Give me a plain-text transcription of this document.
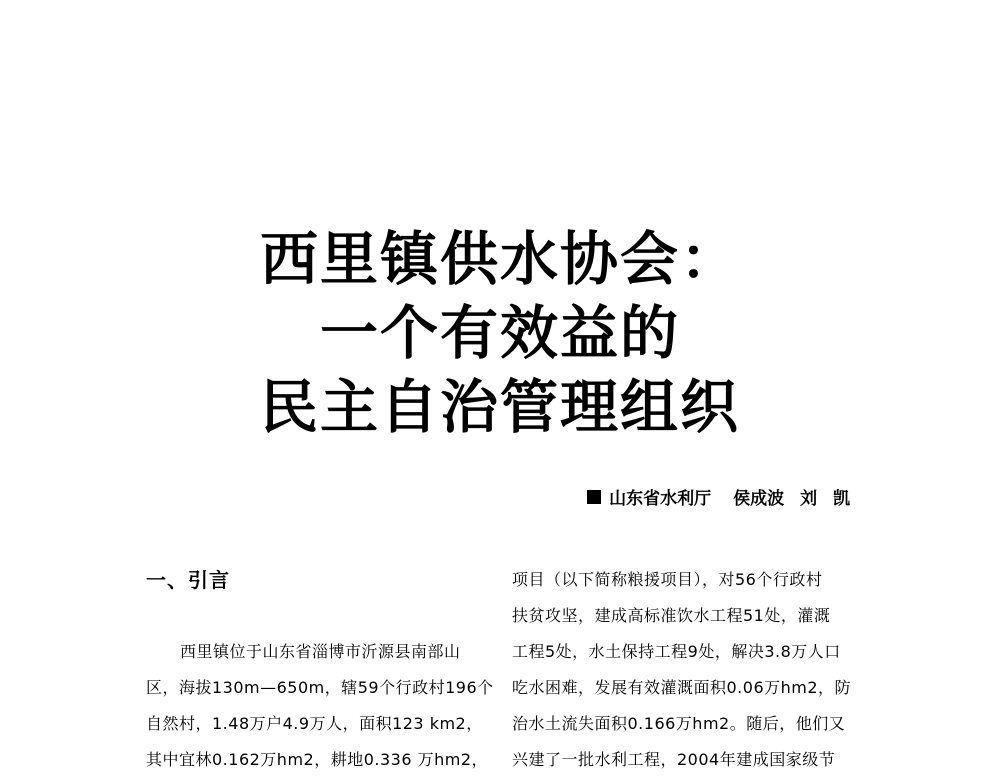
西里镇供水协会：
一个有效益的
民主自治管理组织
山东省水利厅 侯成波 刘 凯
一、引言
西里镇位于山东省淄博市沂源县南部山
区，海拔130m—650m，辖59个行政村196个
自然村，1.48万户4.9万人，面积123 km2，
其中宜林0.162万hm2，耕地0.336 万hm2，
项目（以下简称粮援项目），对56个行政村
扶贫攻坚，建成高标准饮水工程51处，灌溉
工程5处，水土保持工程9处，解决3.8万人口
吃水困难，发展有效灌溉面积0.06万hm2，防
治水土流失面积0.166万hm2。随后，他们又
兴建了一批水利工程，2004年建成国家级节
